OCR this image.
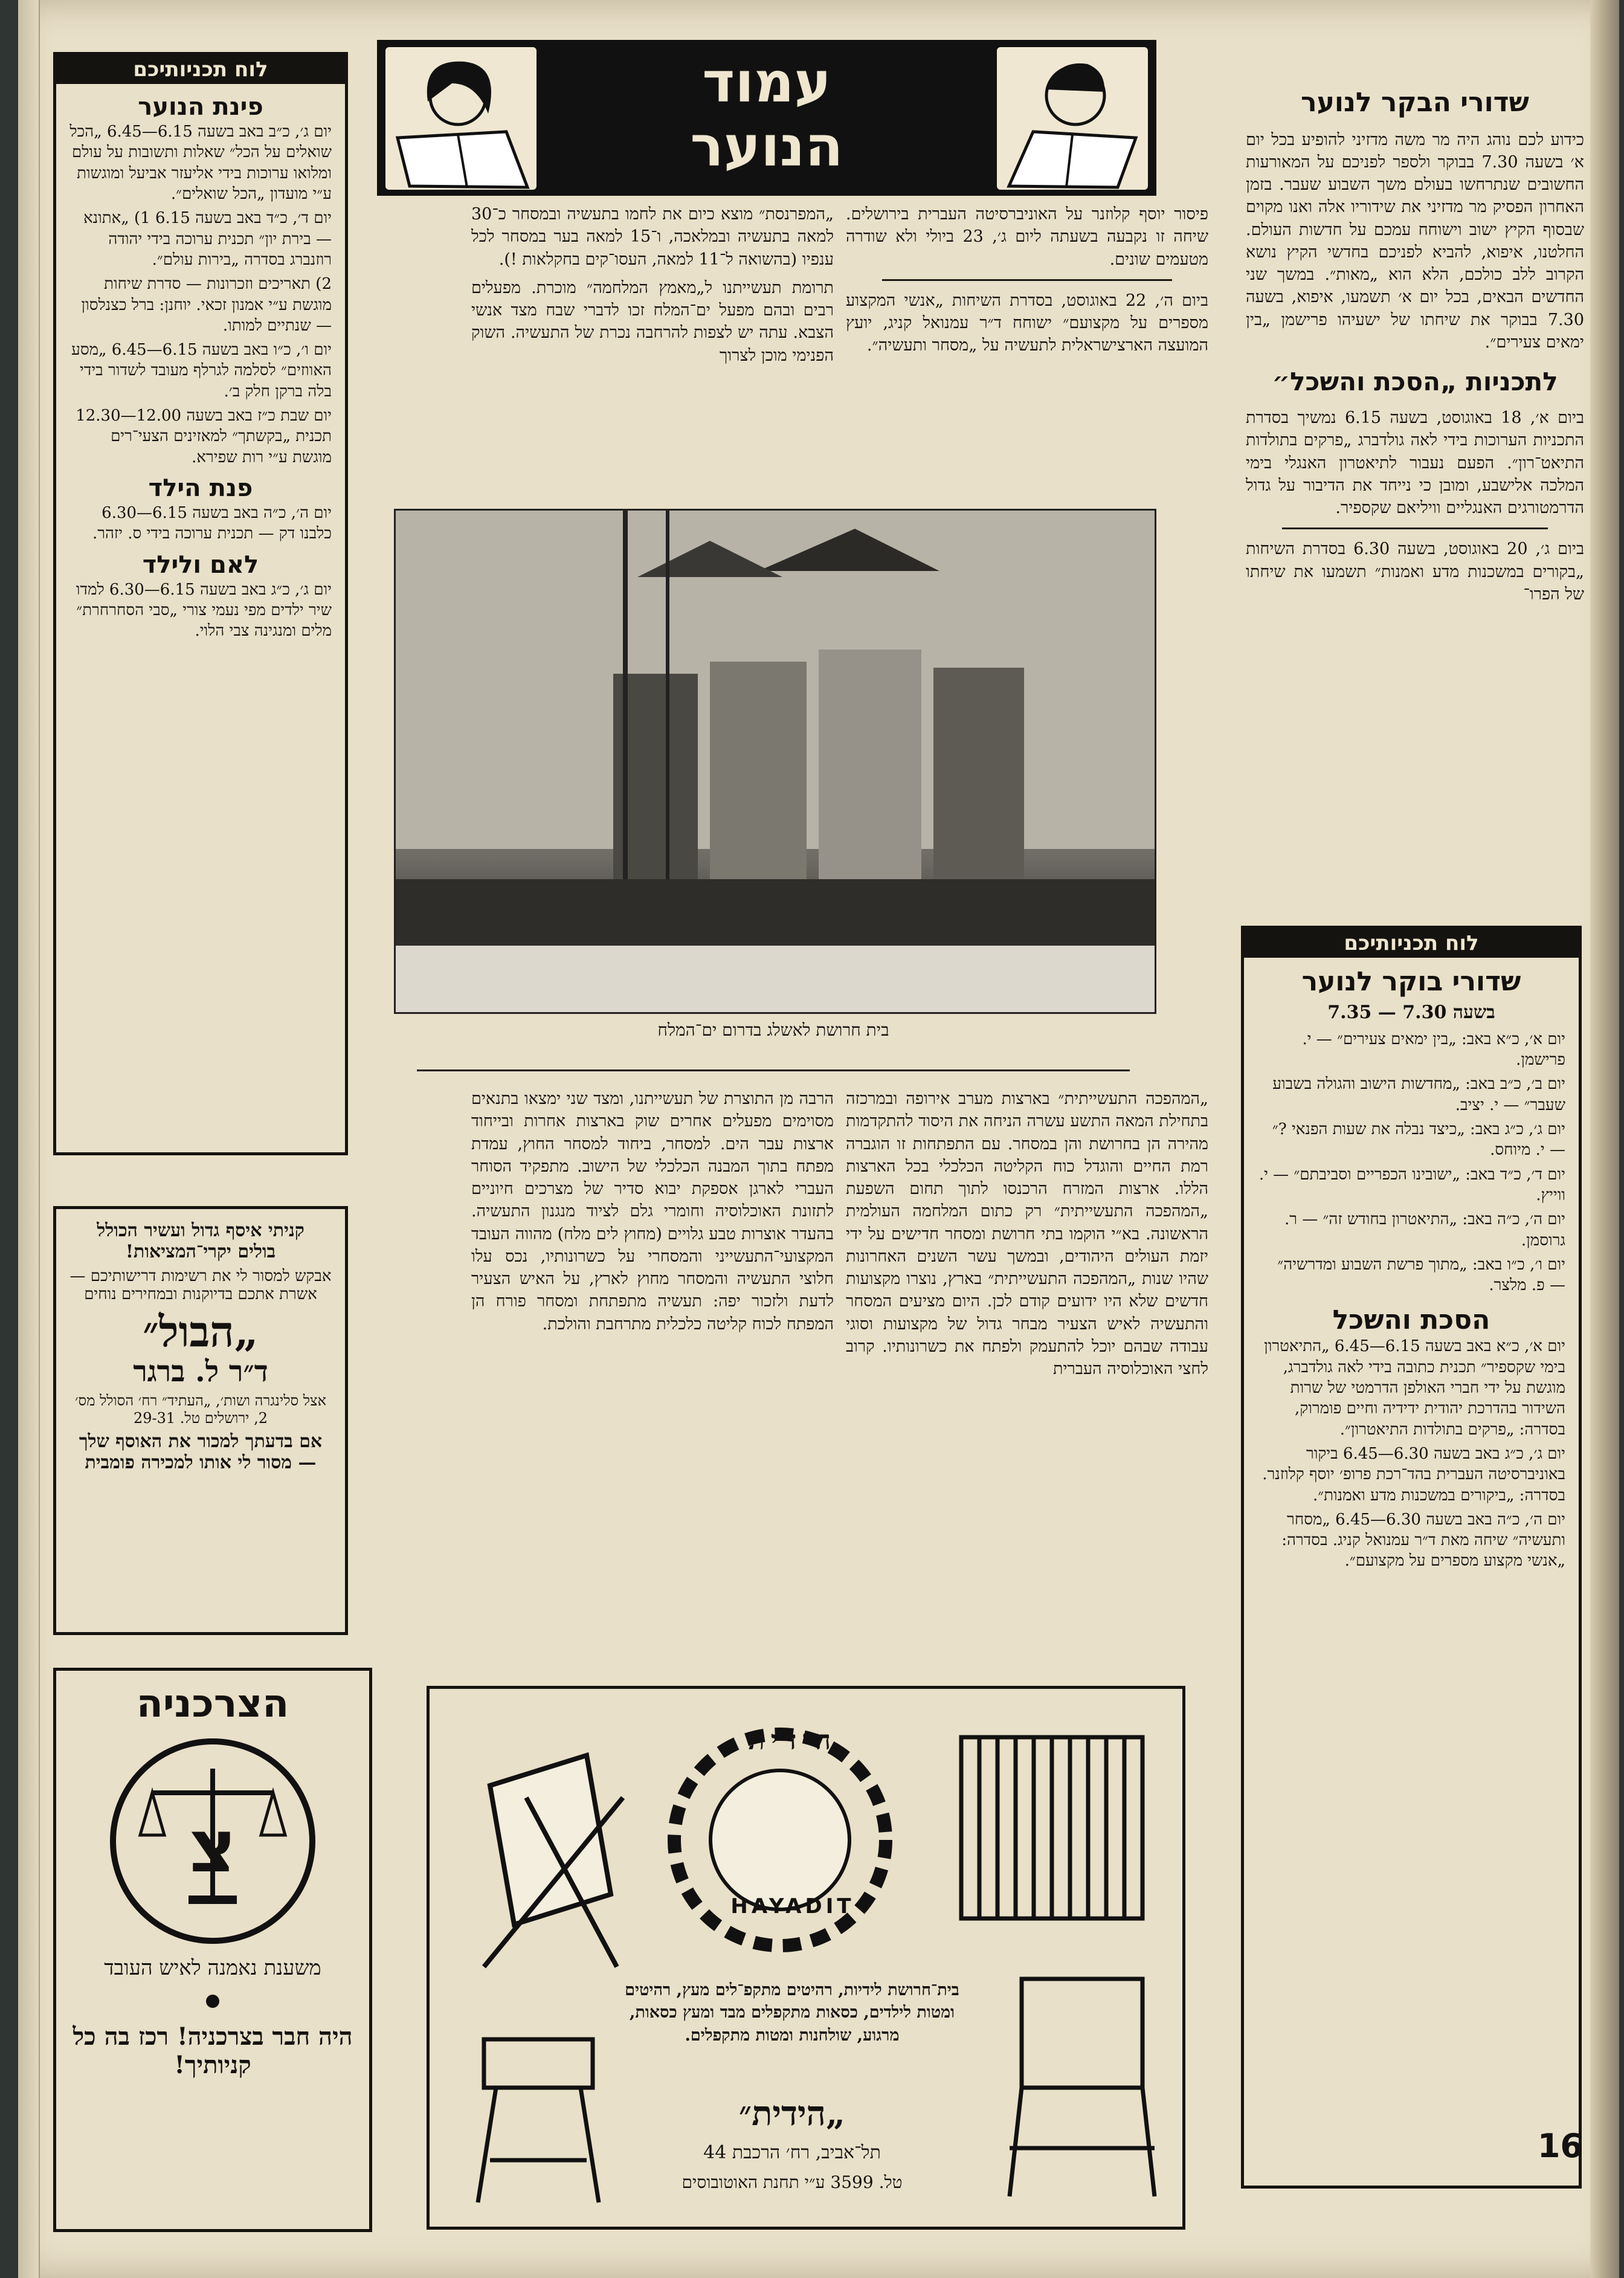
עמוד
הנוער
שדורי הבקר לנוער

כידוע לכם נוהג היה מר משה מדזיני להופיע בכל יום א׳ בשעה 7.30 בבוקר ולספר לפניכם על המאורעות החשובים שנתרחשו בעולם משך השבוע שעבר. בזמן האחרון הפסיק מר מדזיני את שידוריו אלה ואנו מקוים שבסוף הקיץ ישוב וישוחח עמכם על חדשות העולם. החלטנו, איפוא, להביא לפניכם בחדשי הקיץ נושא הקרוב ללב כולכם, הלא הוא „מאות״. במשך שני החדשים הבאים, בכל יום א׳ תשמעו, איפוא, בשעה 7.30 בבוקר את שיחתו של ישעיהו פרישמן „בין ימאים צעירים״.

לתכניות „הסכת והשכל״

ביום א׳, 18 באוגוסט, בשעה 6.15 נמשיך בסדרת התכניות הערוכות בידי לאה גולדברג „פרקים בתולדות התיאט־רון״. הפעם נעבור לתיאטרון האנגלי בימי המלכה אלישבע, ומובן כי נייחד את הדיבור על גדול הדרמטורגים האנגליים וויליאם שקספיר.

ביום ג׳, 20 באוגוסט, בשעה 6.30 בסדרת השיחות „בקורים במשכנות מדע ואמנות״ תשמעו את שיחתו של הפרו־

פיסור יוסף קלוזנר על האוניברסיטה העברית בירושלים. שיחה זו נקבעה בשעתה ליום ג׳, 23 ביולי ולא שודרה מטעמים שונים.

ביום ה׳, 22 באוגוסט, בסדרת השיחות „אנשי המקצוע מספרים על מקצועם״ ישוחח ד״ר עמנואל קניג, יועץ המועצה הארצישראלית לתעשיה על „מסחר ותעשיה״.

„המפרנסת״ מוצא כיום את לחמו בתעשיה ובמסחר כ־30 למאה בתעשיה ובמלאכה, ו־15 למאה בער במסחר לכל ענפיו (בהשואה ל־11 למאה, העסו־קים בחקלאות !).

תרומת תעשייתנו ל„מאמץ המלחמה״ מוכרת. מפעלים רבים ובהם מפעל ים־המלח זכו לדברי שבח מצד אנשי הצבא. עתה יש לצפות להרחבה נכרת של התעשיה. השוק הפנימי מוכן לצרוך

בית חרושת לאשלג בדרום ים־המלח

„המהפכה התעשייתית״ בארצות מערב אירופה ובמרכזה בתחילת המאה התשע עשרה הניחה את היסוד להתקדמות מהירה הן בחרושת והן במסחר. עם התפתחות זו הוגברה רמת החיים והוגדל כוח הקליטה הכלכלי בכל הארצות הללו. ארצות המזרח הרכנסו לתוך תחום השפעת „המהפכה התעשייתית״ רק כתום המלחמה העולמית הראשונה. בא״י הוקמו בתי חרושת ומסחר חדישים על ידי יזמת העולים היהודים, ובמשך עשר השנים האחרונות שהיו שנות „המהפכה התעשייתית״ בארץ, נוצרו מקצועות חדשים שלא היו ידועים קודם לכן. היום מציעים המסחר והתעשיה לאיש הצעיר מבחר גדול של מקצועות וסוגי עבודה שבהם יוכל להתעמק ולפתח את כשרונותיו. קרוב לחצי האוכלוסיה העברית

הרבה מן התוצרת של תעשייתנו, ומצד שני ימצאו בתנאים מסוימים מפעלים אחרים שוק בארצות אחרות ובייחוד ארצות עבר הים. למסחר, ביחוד למסחר החוץ, עמדת מפתח בתוך המבנה הכלכלי של הישוב. מתפקיד הסוחר העברי לארגן אספקת יבוא סדיר של מצרכים חיוניים לתזונת האוכלוסיה וחומרי גלם לציוד מנגנון התעשיה. בהעדר אוצרות טבע גלויים (מחוץ לים מלח) מהווה העובד המקצועי־התעשייני והמסחרי על כשרונותיו, נכס עלו חלוצי התעשיה והמסחר מחוץ לארץ, על האיש הצעיר לדעת ולזכור יפה: תעשיה מתפתחת ומסחר פורח הן המפתח לכוח קליטה כלכלית מתרחבת והולכת.

לוח תכניותיכם
שדורי בוקר לנוער
בשעה 7.30 — 7.35
יום א׳, כ״א באב: „בין ימאים צעירים״ — י. פרישמן.
יום ב׳, כ״ב באב: „מחדשות הישוב והגולה בשבוע שעבר״ — י. יציב.
יום ג׳, כ״ג באב: „כיצד נבלה את שעות הפנאי ?״ — י. מיוחס.
יום ד׳, כ״ד באב: „ישובינו הכפריים וסביבתם״ — י. ווייץ.
יום ה׳, כ״ה באב: „התיאטרון בחודש זה״ — ר. גרוסמן.
יום ו׳, כ״ו באב: „מתוך פרשת השבוע ומדרשיה״ — פ. מלצר.
הסכת והשכל
יום א׳, כ״א באב בשעה 6.15—6.45 „התיאטרון בימי שקספיר״ תכנית כתובה בידי לאה גולדברג, מוגשת על ידי חברי האולפן הדרמטי של שרות השידור בהדרכת יהודית ידידיה וחיים פומרוק, בסדרה: „פרקים בתולדות התיאטרון״.
יום ג׳, כ״ג באב בשעה 6.30—6.45 ביקור באוניברסיטה העברית בהד־רכת פרופ׳ יוסף קלוזנר. בסדרה: „ביקורים במשכנות מדע ואמנות״.
יום ה׳, כ״ה באב בשעה 6.30—6.45 „מסחר ותעשיה״ שיחה מאת ד״ר עמנואל קניג. בסדרה: „אנשי מקצוע מספרים על מקצועם״.
16
לוח תכניותיכם
פינת הנוער
יום ג׳, כ״ב באב בשעה 6.15—6.45 „הכל שואלים על הכל״ שאלות ותשובות על עולם ומלואו ערוכות בידי אליעזר אביעל ומוגשות ע״י מועדון „הכל שואלים״.
יום ד׳, כ״ד באב בשעה 6.15 1) „אתונא — בירת יון״ תכנית ערוכה בידי יהודה רוזנברג בסדרה „בירות עולם״.
2) תאריכים וזכרונות — סדרת שיחות מוגשת ע״י אמנון זכאי. יוחנן: ברל כצנלסון — שנתיים למותו.
יום ו׳, כ״ו באב בשעה 6.15—6.45 „מסע האווזים״ לסלמה לגרלף מעובד לשדור בידי בלה ברקן חלק ב׳.
יום שבת כ״ז באב בשעה 12.00—12.30 תכנית „בקשתך״ למאזינים הצעי־רים מוגשת ע״י רות שפירא.
פנת הילד
יום ה׳, כ״ה באב בשעה 6.15—6.30 כלבנו דק — תכנית ערוכה בידי ס. יזהר.
לאם ולילד
יום ג׳, כ״ג באב בשעה 6.15—6.30 למדו שיר ילדים מפי נעמי צורי „סבי הסחרחרת״ מלים ומנגינה צבי הלוי.
קניתי איסף גדול ועשיר הכולל
בולים יקרי־המציאות!
אבקש למסור לי את רשימות דרישותיכם — אשרת אתכם בדיוקנות ובמחירים נוחים
„הבול״
ד״ר ל. ברגר
אצל סלינגרה ושות׳, „העתיד״ רח׳ הסולל מס׳ 2, ירושלים טל. 29-31
אם בדעתך למכור את האוסף שלך — מסור לי אותו למכירה פומבית
הצרכניה
צ
משענת נאמנה לאיש העובד
היה חבר בצרכניה! רכז בה כל קניותיך!
הידית
HAYADIT
בית־חרושת לידיות, רהיטים מתקפ־לים מעץ, רהיטים ומטות לילדים, כסאות מתקפלים מבד ומעץ כסאות, מרגוע, שולחנות ומטות מתקפלים.
„הידית״
תל־אביב, רח׳ הרכבת 44
טל. 3599 ע״י תחנת האוטובוסים
